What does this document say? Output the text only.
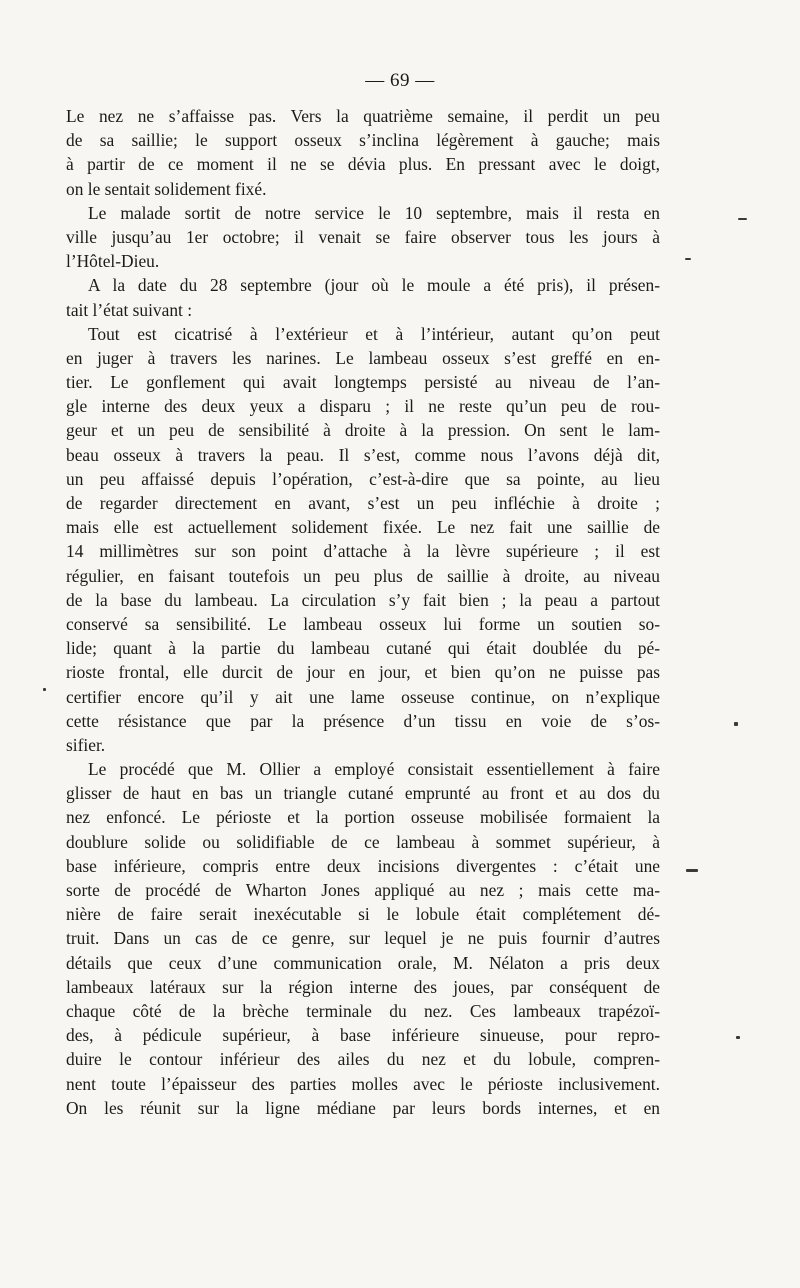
— 69 —
Le nez ne s’affaisse pas. Vers la quatrième semaine, il perdit un peu
de sa saillie; le support osseux s’inclina légèrement à gauche; mais
à partir de ce moment il ne se dévia plus. En pressant avec le doigt,
on le sentait solidement fixé.
Le malade sortit de notre service le 10 septembre, mais il resta en
ville jusqu’au 1er octobre; il venait se faire observer tous les jours à
l’Hôtel-Dieu.
A la date du 28 septembre (jour où le moule a été pris), il présen-
tait l’état suivant :
Tout est cicatrisé à l’extérieur et à l’intérieur, autant qu’on peut
en juger à travers les narines. Le lambeau osseux s’est greffé en en-
tier. Le gonflement qui avait longtemps persisté au niveau de l’an-
gle interne des deux yeux a disparu ; il ne reste qu’un peu de rou-
geur et un peu de sensibilité à droite à la pression. On sent le lam-
beau osseux à travers la peau. Il s’est, comme nous l’avons déjà dit,
un peu affaissé depuis l’opération, c’est-à-dire que sa pointe, au lieu
de regarder directement en avant, s’est un peu infléchie à droite ;
mais elle est actuellement solidement fixée. Le nez fait une saillie de
14 millimètres sur son point d’attache à la lèvre supérieure ; il est
régulier, en faisant toutefois un peu plus de saillie à droite, au niveau
de la base du lambeau. La circulation s’y fait bien ; la peau a partout
conservé sa sensibilité. Le lambeau osseux lui forme un soutien so-
lide; quant à la partie du lambeau cutané qui était doublée du pé-
rioste frontal, elle durcit de jour en jour, et bien qu’on ne puisse pas
certifier encore qu’il y ait une lame osseuse continue, on n’explique
cette résistance que par la présence d’un tissu en voie de s’os-
sifier.
Le procédé que M. Ollier a employé consistait essentiellement à faire
glisser de haut en bas un triangle cutané emprunté au front et au dos du
nez enfoncé. Le périoste et la portion osseuse mobilisée formaient la
doublure solide ou solidifiable de ce lambeau à sommet supérieur, à
base inférieure, compris entre deux incisions divergentes : c’était une
sorte de procédé de Wharton Jones appliqué au nez ; mais cette ma-
nière de faire serait inexécutable si le lobule était complétement dé-
truit. Dans un cas de ce genre, sur lequel je ne puis fournir d’autres
détails que ceux d’une communication orale, M. Nélaton a pris deux
lambeaux latéraux sur la région interne des joues, par conséquent de
chaque côté de la brèche terminale du nez. Ces lambeaux trapézoï-
des, à pédicule supérieur, à base inférieure sinueuse, pour repro-
duire le contour inférieur des ailes du nez et du lobule, compren-
nent toute l’épaisseur des parties molles avec le périoste inclusivement.
On les réunit sur la ligne médiane par leurs bords internes, et en
